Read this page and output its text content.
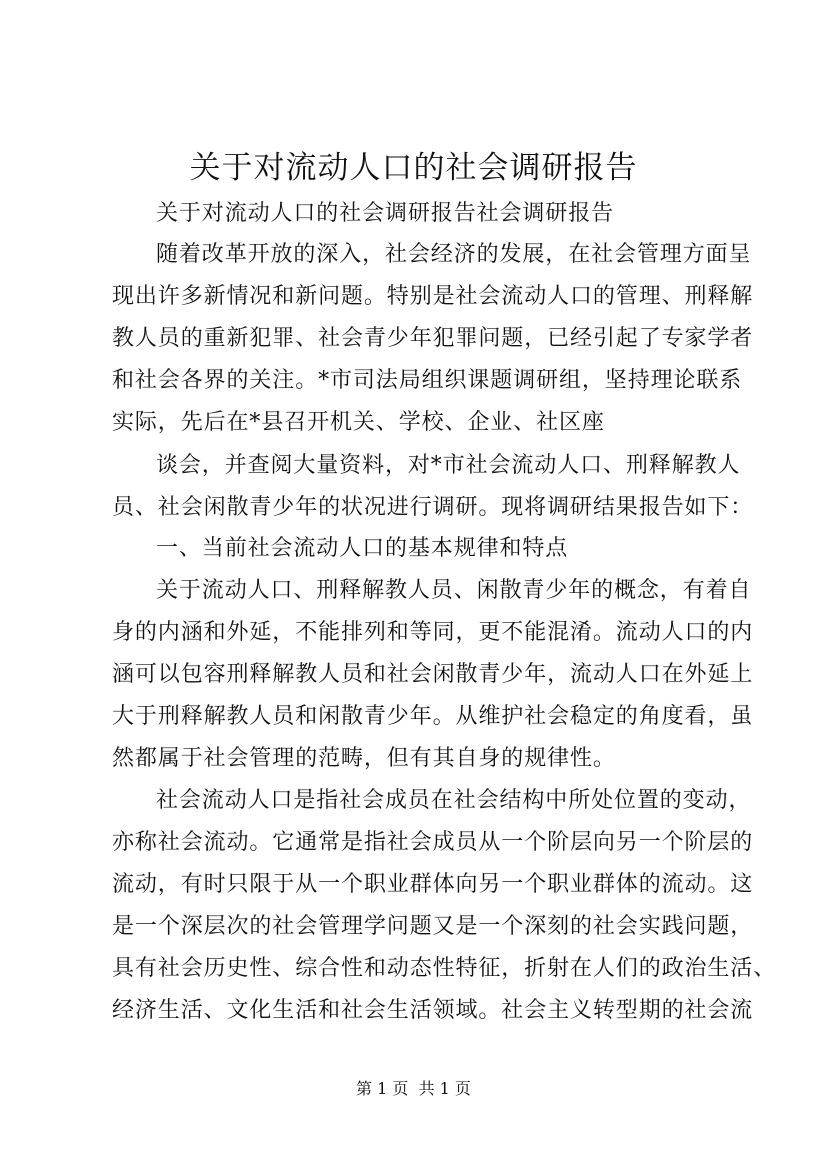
关于对流动人口的社会调研报告
关于对流动人口的社会调研报告社会调研报告
随着改革开放的深入，社会经济的发展，在社会管理方面呈
现出许多新情况和新问题。特别是社会流动人口的管理、刑释解
教人员的重新犯罪、社会青少年犯罪问题，已经引起了专家学者
和社会各界的关注。*市司法局组织课题调研组，坚持理论联系
实际，先后在*县召开机关、学校、企业、社区座
谈会，并查阅大量资料，对*市社会流动人口、刑释解教人
员、社会闲散青少年的状况进行调研。现将调研结果报告如下：
一、当前社会流动人口的基本规律和特点
关于流动人口、刑释解教人员、闲散青少年的概念，有着自
身的内涵和外延，不能排列和等同，更不能混淆。流动人口的内
涵可以包容刑释解教人员和社会闲散青少年，流动人口在外延上
大于刑释解教人员和闲散青少年。从维护社会稳定的角度看，虽
然都属于社会管理的范畴，但有其自身的规律性。
社会流动人口是指社会成员在社会结构中所处位置的变动，
亦称社会流动。它通常是指社会成员从一个阶层向另一个阶层的
流动，有时只限于从一个职业群体向另一个职业群体的流动。这
是一个深层次的社会管理学问题又是一个深刻的社会实践问题，
具有社会历史性、综合性和动态性特征，折射在人们的政治生活、
经济生活、文化生活和社会生活领域。社会主义转型期的社会流
第 1 页  共 1 页
